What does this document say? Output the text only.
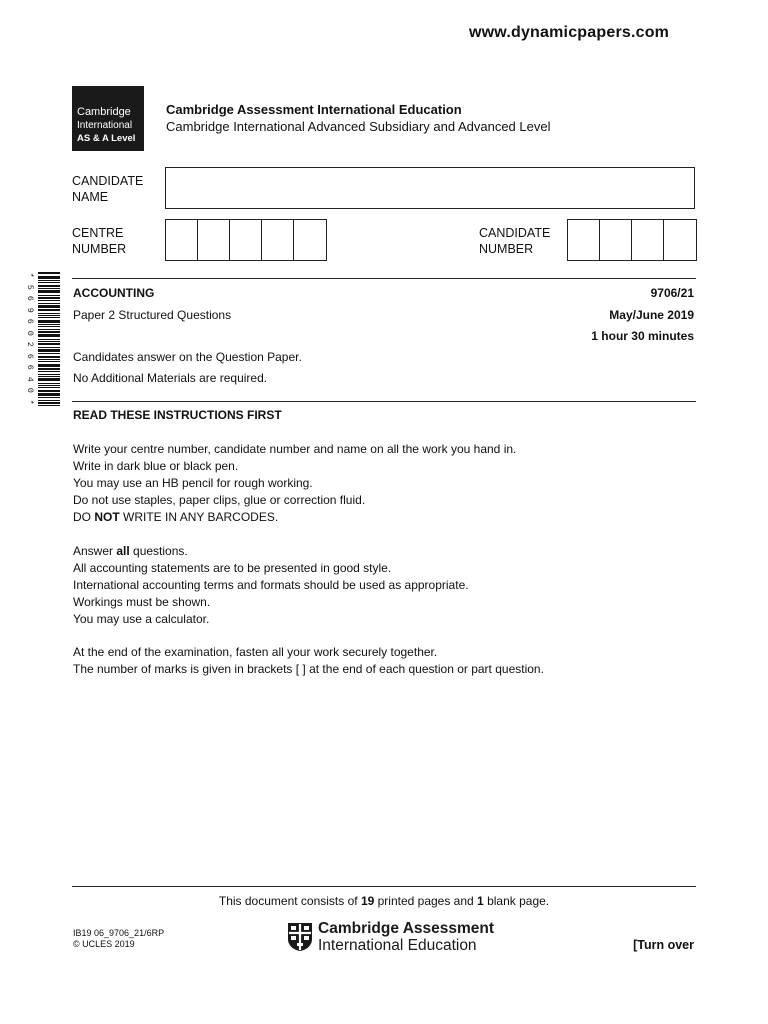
www.dynamicpapers.com
Cambridge
International
AS & A Level
Cambridge Assessment International Education
Cambridge International Advanced Subsidiary and Advanced Level
CANDIDATE
NAME
CENTRE
NUMBER
CANDIDATE
NUMBER
*
5
6
9
6
0
2
6
6
4
0
*
ACCOUNTING	9706/21
Paper 2 Structured Questions	May/June 2019
1 hour 30 minutes
Candidates answer on the Question Paper.
No Additional Materials are required.
READ THESE INSTRUCTIONS FIRST
Write your centre number, candidate number and name on all the work you hand in.
Write in dark blue or black pen.
You may use an HB pencil for rough working.
Do not use staples, paper clips, glue or correction fluid.
DO NOT WRITE IN ANY BARCODES.
Answer all questions.
All accounting statements are to be presented in good style.
International accounting terms and formats should be used as appropriate.
Workings must be shown.
You may use a calculator.
At the end of the examination, fasten all your work securely together.
The number of marks is given in brackets [ ] at the end of each question or part question.
This document consists of 19 printed pages and 1 blank page.
IB19 06_9706_21/6RP
© UCLES 2019
Cambridge Assessment
International Education	[Turn over
